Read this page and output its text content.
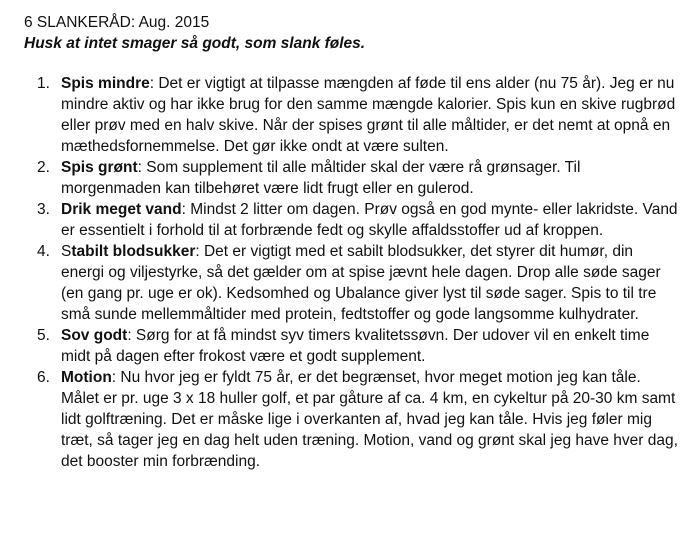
6 SLANKERÅD: Aug. 2015

Husk at intet smager så godt, som slank føles.

1. Spis mindre: Det er vigtigt at tilpasse mængden af føde til ens alder (nu 75 år). Jeg er nu mindre aktiv og har ikke brug for den samme mængde kalorier. Spis kun en skive rugbrød eller prøv med en halv skive. Når der spises grønt til alle måltider, er det nemt at opnå en mæthedsfornemmelse. Det gør ikke ondt at være sulten.
2. Spis grønt: Som supplement til alle måltider skal der være rå grønsager. Til morgenmaden kan tilbehøret være lidt frugt eller en gulerod.
3. Drik meget vand: Mindst 2 litter om dagen. Prøv også en god mynte- eller lakridste. Vand er essentielt i forhold til at forbrænde fedt og skylle affaldsstoffer ud af kroppen.
4. Stabilt blodsukker: Det er vigtigt med et sabilt blodsukker, det styrer dit humør, din energi og viljestyrke, så det gælder om at spise jævnt hele dagen. Drop alle søde sager (en gang pr. uge er ok). Kedsomhed og Ubalance giver lyst til søde sager. Spis to til tre små sunde mellemmåltider med protein, fedtstoffer og gode langsomme kulhydrater.
5. Sov godt: Sørg for at få mindst syv timers kvalitetssøvn. Der udover vil en enkelt time midt på dagen efter frokost være et godt supplement.
6. Motion: Nu hvor jeg er fyldt 75 år, er det begrænset, hvor meget motion jeg kan tåle. Målet er pr. uge 3 x 18 huller golf, et par gåture af ca. 4 km, en cykeltur på 20-30 km samt lidt golftræning. Det er måske lige i overkanten af, hvad jeg kan tåle. Hvis jeg føler mig træt, så tager jeg en dag helt uden træning. Motion, vand og grønt skal jeg have hver dag, det booster min forbrænding.
